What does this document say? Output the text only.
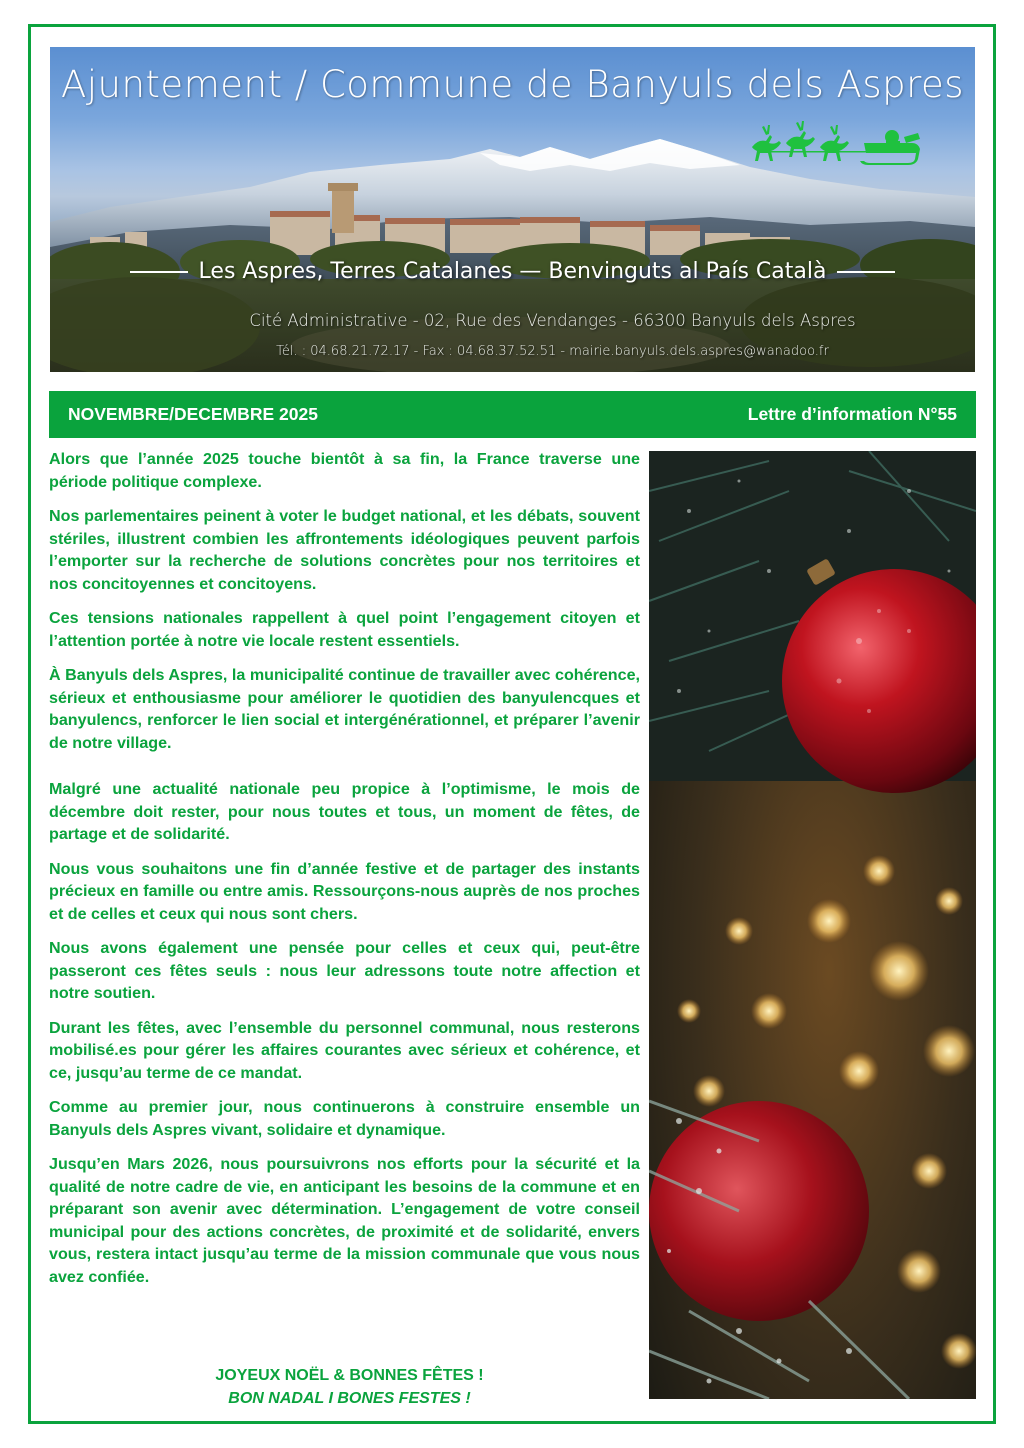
Ajuntement / Commune de Banyuls dels Aspres
Les Aspres, Terres Catalanes — Benvinguts al País Català
Cité Administrative - 02, Rue des Vendanges - 66300 Banyuls dels Aspres
Tél. : 04.68.21.72.17 - Fax : 04.68.37.52.51 - mairie.banyuls.dels.aspres@wanadoo.fr
NOVEMBRE/DECEMBRE 2025	Lettre d’information N°55

Alors que l’année 2025 touche bientôt à sa fin, la France traverse une période politique complexe.

Nos parlementaires peinent à voter le budget national, et les débats, souvent stériles, illustrent combien les affrontements idéologiques peuvent parfois l’emporter sur la recherche de solutions concrètes pour nos territoires et nos concitoyennes et concitoyens.

Ces tensions nationales rappellent à quel point l’engagement citoyen et l’attention portée à notre vie locale restent essentiels.

À Banyuls dels Aspres, la municipalité continue de travailler avec cohérence, sérieux et enthousiasme pour améliorer le quotidien des banyulencques et banyulencs, renforcer le lien social et intergénérationnel, et préparer l’avenir de notre village.

Malgré une actualité nationale peu propice à l’optimisme, le mois de décembre doit rester, pour nous toutes et tous, un moment de fêtes, de partage et de solidarité.

Nous vous souhaitons une fin d’année festive et de partager des instants précieux en famille ou entre amis. Ressourçons-nous auprès de nos proches et de celles et ceux qui nous sont chers.

Nous avons également une pensée pour celles et ceux qui, peut-être passeront ces fêtes seuls : nous leur adressons toute notre affection et notre soutien.

Durant les fêtes, avec l’ensemble du personnel communal, nous resterons mobilisé.es pour gérer les affaires courantes avec sérieux et cohérence, et ce, jusqu’au terme de ce mandat.

Comme au premier jour, nous continuerons à construire ensemble un Banyuls dels Aspres vivant, solidaire et dynamique.

Jusqu’en Mars 2026, nous poursuivrons nos efforts pour la sécurité et la qualité de notre cadre de vie, en anticipant les besoins de la commune et en préparant son avenir avec détermination. L’engagement de votre conseil municipal pour des actions concrètes, de proximité et de solidarité, envers vous, restera intact jusqu’au terme de la mission communale que vous nous avez confiée.

JOYEUX NOËL & BONNES FÊTES !
BON NADAL I BONES FESTES !
